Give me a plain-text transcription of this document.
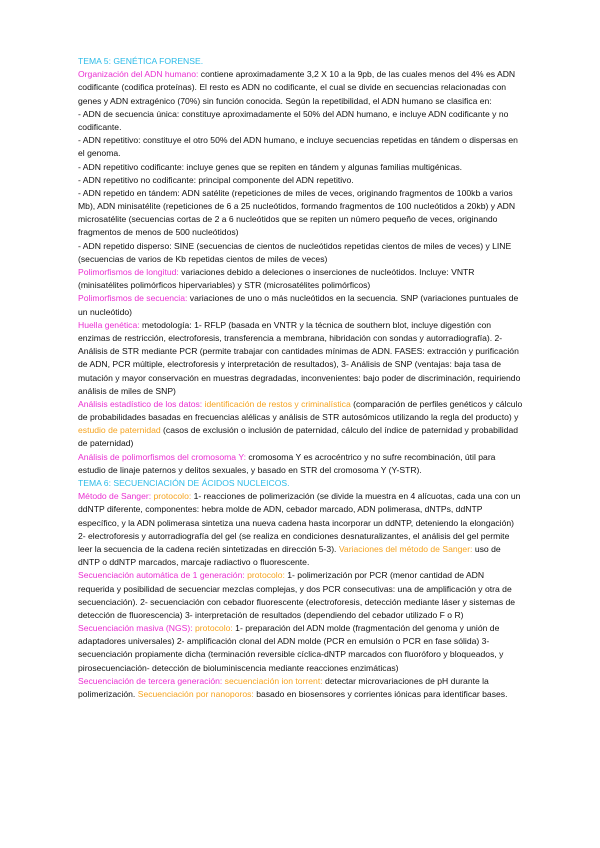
TEMA 5: GENÉTICA FORENSE.
Organización del ADN humano: contiene aproximadamente 3,2 X 10 a la 9pb, de las cuales menos del 4% es ADN
codificante (codifica proteínas). El resto es ADN no codificante, el cual se divide en secuencias relacionadas con
genes y ADN extragénico (70%) sin función conocida. Según la repetibilidad, el ADN humano se clasifica en:
- ADN de secuencia única: constituye aproximadamente el 50% del ADN humano, e incluye ADN codificante y no
codificante.
- ADN repetitivo: constituye el otro 50% del ADN humano, e incluye secuencias repetidas en tándem o dispersas en
el genoma.
- ADN repetitivo codificante: incluye genes que se repiten en tándem y algunas familias multigénicas.
- ADN repetitivo no codificante: principal componente del ADN repetitivo.
- ADN repetido en tándem: ADN satélite (repeticiones de miles de veces, originando fragmentos de 100kb a varios
Mb), ADN minisatélite (repeticiones de 6 a 25 nucleótidos, formando fragmentos de 100 nucleótidos a 20kb) y ADN
microsatélite (secuencias cortas de 2 a 6 nucleótidos que se repiten un número pequeño de veces, originando
fragmentos de menos de 500 nucleótidos)
- ADN repetido disperso: SINE (secuencias de cientos de nucleótidos repetidas cientos de miles de veces) y LINE
(secuencias de varios de Kb repetidas cientos de miles de veces)
Polimorfismos de longitud: variaciones debido a deleciones o inserciones de nucleótidos. Incluye: VNTR
(minisatélites polimórficos hipervariables) y STR (microsatélites polimórficos)
Polimorfismos de secuencia: variaciones de uno o más nucleótidos en la secuencia. SNP (variaciones puntuales de
un nucleótido)
Huella genética: metodología: 1- RFLP (basada en VNTR y la técnica de southern blot, incluye digestión con
enzimas de restricción, electroforesis, transferencia a membrana, hibridación con sondas y autorradiografía). 2-
Análisis de STR mediante PCR (permite trabajar con cantidades mínimas de ADN. FASES: extracción y purificación
de ADN, PCR múltiple, electroforesis y interpretación de resultados), 3- Análisis de SNP (ventajas: baja tasa de
mutación y mayor conservación en muestras degradadas, inconvenientes: bajo poder de discriminación, requiriendo
análisis de miles de SNP)
Análisis estadístico de los datos: identificación de restos y criminalística (comparación de perfiles genéticos y cálculo
de probabilidades basadas en frecuencias alélicas y análisis de STR autosómicos utilizando la regla del producto) y
estudio de paternidad (casos de exclusión o inclusión de paternidad, cálculo del índice de paternidad y probabilidad
de paternidad)
Análisis de polimorfismos del cromosoma Y: cromosoma Y es acrocéntrico y no sufre recombinación, útil para
estudio de linaje paternos y delitos sexuales, y basado en STR del cromosoma Y (Y-STR).
TEMA 6: SECUENCIACIÓN DE ÁCIDOS NUCLEICOS.
Método de Sanger: protocolo: 1- reacciones de polimerización (se divide la muestra en 4 alícuotas, cada una con un
ddNTP diferente, componentes: hebra molde de ADN, cebador marcado, ADN polimerasa, dNTPs, ddNTP
específico, y la ADN polimerasa sintetiza una nueva cadena hasta incorporar un ddNTP, deteniendo la elongación)
2- electroforesis y autorradiografía del gel (se realiza en condiciones desnaturalizantes, el análisis del gel permite
leer la secuencia de la cadena recién sintetizadas en dirección 5-3). Variaciones del método de Sanger: uso de
dNTP o ddNTP marcados, marcaje radiactivo o fluorescente.
Secuenciación automática de 1 generación: protocolo: 1- polimerización por PCR (menor cantidad de ADN
requerida y posibilidad de secuenciar mezclas complejas, y dos PCR consecutivas: una de amplificación y otra de
secuenciación). 2- secuenciación con cebador fluorescente (electroforesis, detección mediante láser y sistemas de
detección de fluorescencia) 3- interpretación de resultados (dependiendo del cebador utilizado F o R)
Secuenciación masiva (NGS): protocolo: 1- preparación del ADN molde (fragmentación del genoma y unión de
adaptadores universales) 2- amplificación clonal del ADN molde (PCR en emulsión o PCR en fase sólida) 3-
secuenciación propiamente dicha (terminación reversible cíclica-dNTP marcados con fluoróforo y bloqueados, y
pirosecuenciación- detección de bioluminiscencia mediante reacciones enzimáticas)
Secuenciación de tercera generación: secuenciación ion torrent: detectar microvariaciones de pH durante la
polimerización. Secuenciación por nanoporos: basado en biosensores y corrientes iónicas para identificar bases.
